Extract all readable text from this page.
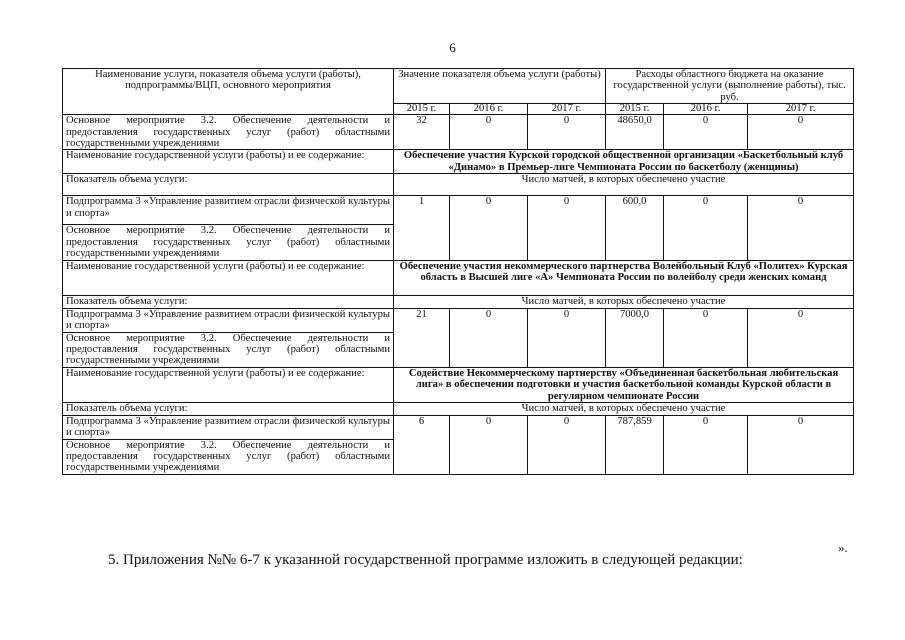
6
Наименование услуги, показателя объема услуги (работы), подпрограммы/ВЦП, основного мероприятия	Значение показателя объема услуги (работы)			Расходы областного бюджета на оказание государственной услуги (выполнение работы), тыс. руб.		
	2015 г.	2016 г.	2017 г.	2015 г.	2016 г.	2017 г.
Основное мероприятие 3.2. Обеспечение деятельности и предоставления государственных услуг (работ) областными государственными учреждениями	32	0	0	48650,0	0	0
Наименование государственной услуги (работы) и ее содержание:	Обеспечение участия Курской городской общественной организации «Баскетбольный клуб «Динамо» в Премьер-лиге Чемпионата России по баскетболу (женщины)					
Показатель объема услуги:	Число матчей, в которых обеспечено участие					
Подпрограмма 3 «Управление развитием отрасли физической культуры и спорта»	1	0	0	600,0	0	0
Основное мероприятие 3.2. Обеспечение деятельности и предоставления государственных услуг (работ) областными государственными учреждениями						
Наименование государственной услуги (работы) и ее содержание:	Обеспечение участия некоммерческого партнерства Волейбольный Клуб «Политех» Курская область в Высшей лиге «А» Чемпионата России по волейболу среди женских команд					
Показатель объема услуги:	Число матчей, в которых обеспечено участие					
Подпрограмма 3 «Управление развитием отрасли физической культуры и спорта»	21	0	0	7000,0	0	0
Основное мероприятие 3.2. Обеспечение деятельности и предоставления государственных услуг (работ) областными государственными учреждениями						
Наименование государственной услуги (работы) и ее содержание:	Содействие Некоммерческому партнерству «Объединенная баскетбольная любительская лига» в обеспечении подготовки и участия баскетбольной команды Курской области в регулярном чемпионате России					
Показатель объема услуги:	Число матчей, в которых обеспечено участие					
Подпрограмма 3 «Управление развитием отрасли физической культуры и спорта»	6	0	0	787,859	0	0
Основное мероприятие 3.2. Обеспечение деятельности и предоставления государственных услуг (работ) областными государственными учреждениями						
».
5. Приложения №№ 6-7 к указанной государственной программе изложить в следующей редакции:
